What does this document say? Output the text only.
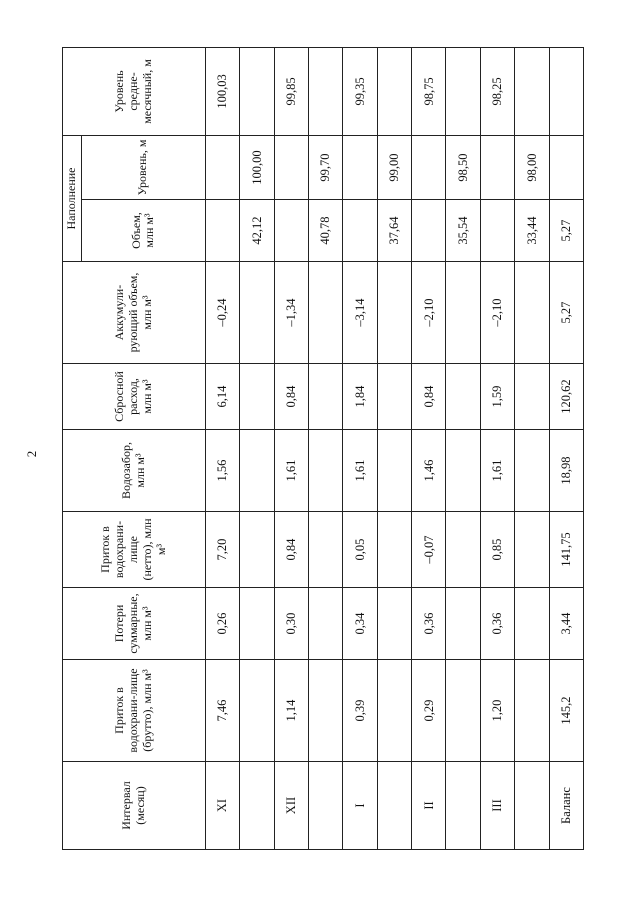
2
Интервал (месяц)	Приток в водохрани-лище (брутто), млн м³	Потери суммарные, млн м³	Приток в водохрани-лище (нетто), млн м³	Водозабор, млн м³	Сбросной расход, млн м³	Аккумули-рующий объем, млн м³	Наполнение		Уровень средне-месячный, м
							Объем, млн м³	Уровень, м	
XI	7,46	0,26	7,20	1,56	6,14	–0,24			100,03
							42,12	100,00	
XII	1,14	0,30	0,84	1,61	0,84	–1,34			99,85
							40,78	99,70	
I	0,39	0,34	0,05	1,61	1,84	–3,14			99,35
							37,64	99,00	
II	0,29	0,36	–0,07	1,46	0,84	–2,10			98,75
							35,54	98,50	
III	1,20	0,36	0,85	1,61	1,59	–2,10			98,25
							33,44	98,00	
Баланс	145,2	3,44	141,75	18,98	120,62	5,27	5,27		
